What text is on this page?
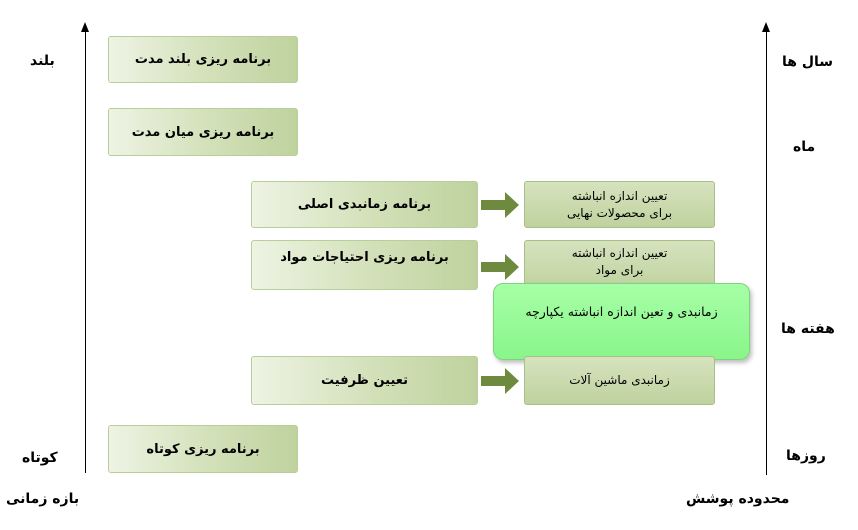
بلند
کوتاه
بازه زمانی
سال ها
ماه
هفته ها
روزها
محدوده پوشش
برنامه ریزی بلند مدت
برنامه ریزی میان مدت
برنامه زمانبدی اصلی
برنامه ریزی احتیاجات مواد
تعیین ظرفیت
برنامه ریزی کوتاه
تعیین اندازه انباشته
برای محصولات نهایی
تعیین اندازه انباشته
برای مواد
زمانبدی و تعین اندازه انباشته یکپارچه
زمانبدی ماشین آلات
